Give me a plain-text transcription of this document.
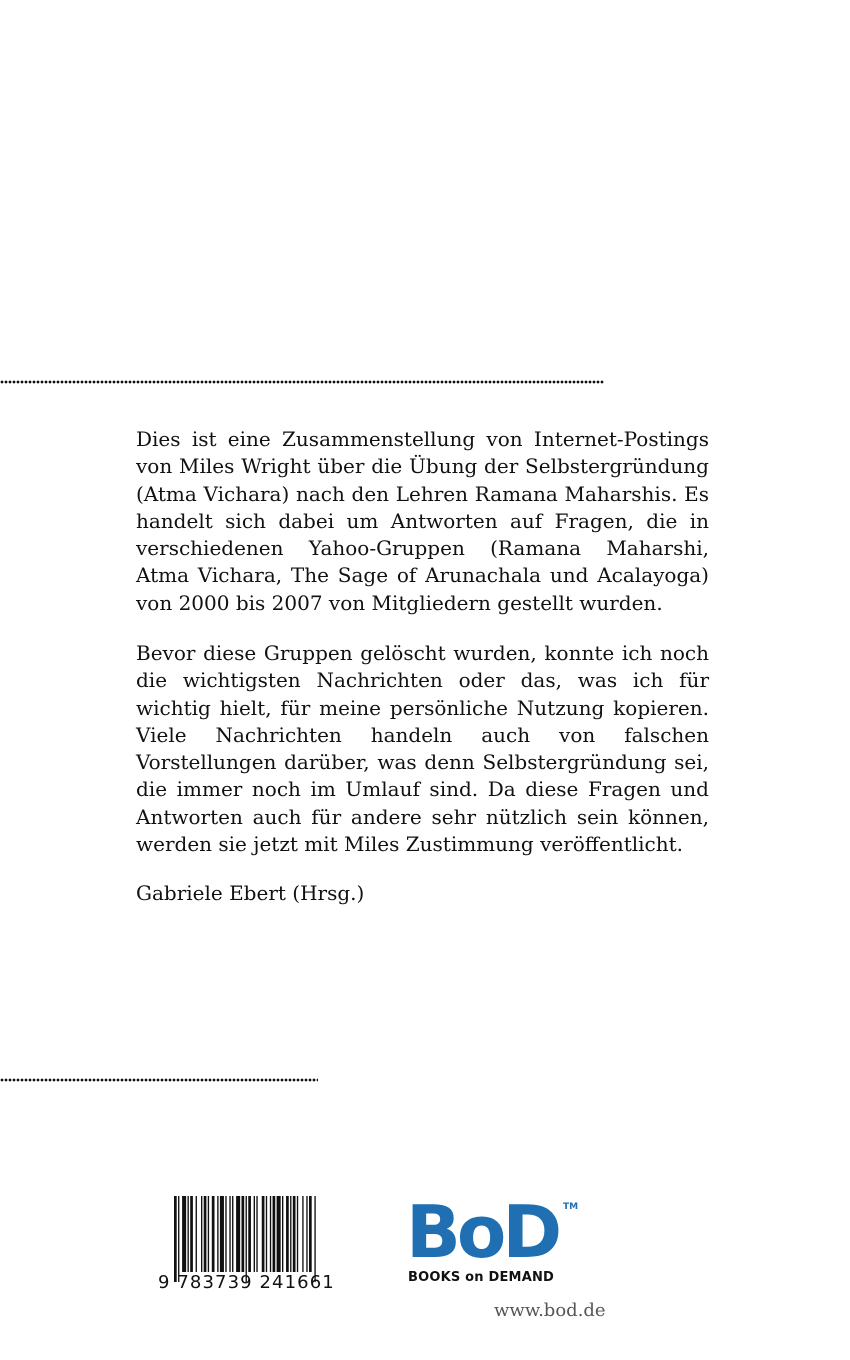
Dies ist eine Zusammenstellung von Internet-Postings von Miles Wright über die Übung der Selbstergründung (Atma Vichara) nach den Lehren Ramana Maharshis. Es handelt sich dabei um Antworten auf Fragen, die in verschiedenen Yahoo-Gruppen (Ramana Maharshi, Atma Vichara, The Sage of Arunachala und Acalayoga) von 2000 bis 2007 von Mitgliedern gestellt wurden.

Bevor diese Gruppen gelöscht wurden, konnte ich noch die wichtigsten Nachrichten oder das, was ich für wichtig hielt, für meine persönliche Nutzung kopieren. Viele Nachrichten handeln auch von falschen Vorstellungen darüber, was denn Selbstergründung sei, die immer noch im Umlauf sind. Da diese Fragen und Antworten auch für andere sehr nützlich sein können, werden sie jetzt mit Miles Zustimmung veröffentlicht.

Gabriele Ebert (Hrsg.)

9 783739 241661
BoD TM
BOOKS on DEMAND
www.bod.de
